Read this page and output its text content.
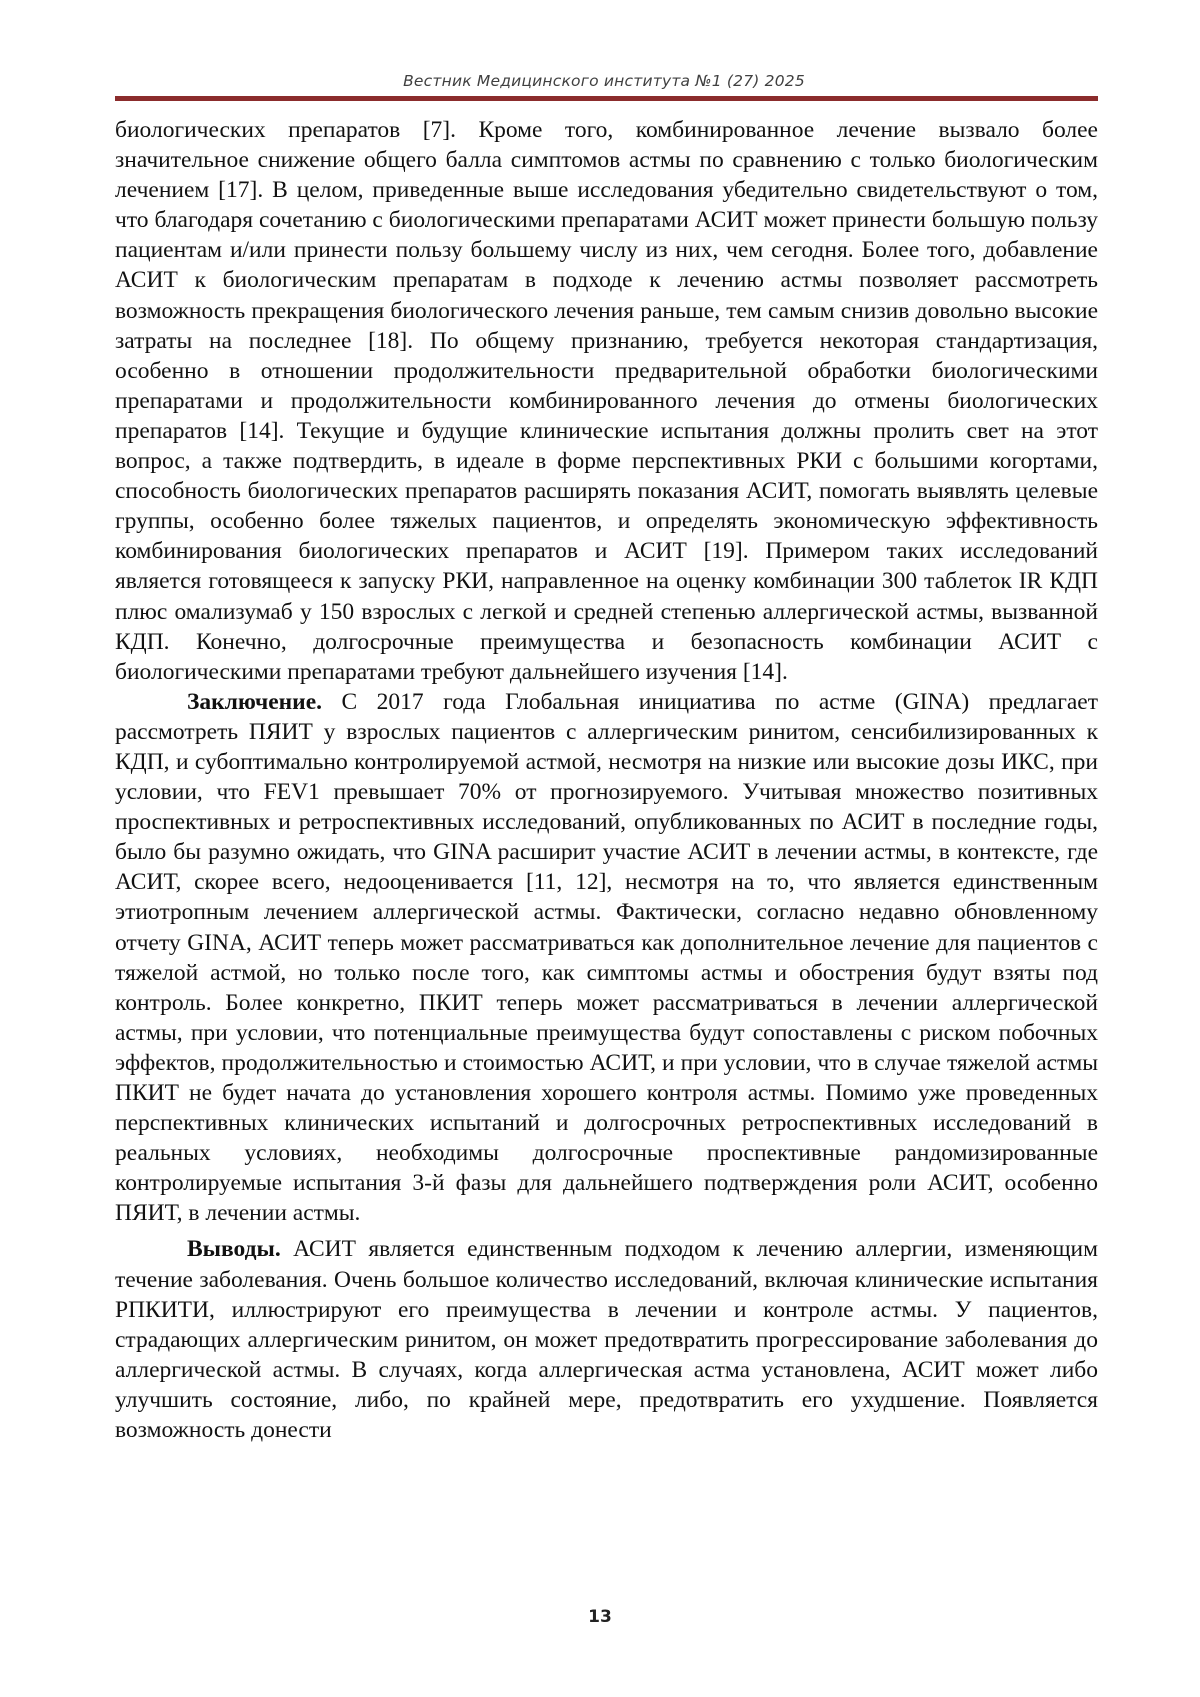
Вестник Медицинского института №1 (27) 2025

биологических препаратов [7]. Кроме того, комбинированное лечение вызвало более значительное снижение общего балла симптомов астмы по сравнению с только биологическим лечением [17]. В целом, приведенные выше исследования убедительно свидетельствуют о том, что благодаря сочетанию с биологическими препаратами АСИТ может принести большую пользу пациентам и/или принести пользу большему числу из них, чем сегодня. Более того, добавление АСИТ к биологическим препаратам в подходе к лечению астмы позволяет рассмотреть возможность прекращения биологического лечения раньше, тем самым снизив довольно высокие затраты на последнее [18]. По общему признанию, требуется некоторая стандартизация, особенно в отношении продолжительности предварительной обработки биологическими препаратами и продолжительности комбинированного лечения до отмены биологических препаратов [14]. Текущие и будущие клинические испытания должны пролить свет на этот вопрос, а также подтвердить, в идеале в форме перспективных РКИ с большими когортами, способность биологических препаратов расширять показания АСИТ, помогать выявлять целевые группы, особенно более тяжелых пациентов, и определять экономическую эффективность комбинирования биологических препаратов и АСИТ [19]. Примером таких исследований является готовящееся к запуску РКИ, направленное на оценку комбинации 300 таблеток IR КДП плюс омализумаб у 150 взрослых с легкой и средней степенью аллергической астмы, вызванной КДП. Конечно, долгосрочные преимущества и безопасность комбинации АСИТ с биологическими препаратами требуют дальнейшего изучения [14].

Заключение. С 2017 года Глобальная инициатива по астме (GINA) предлагает рассмотреть ПЯИТ у взрослых пациентов с аллергическим ринитом, сенсибилизированных к КДП, и субоптимально контролируемой астмой, несмотря на низкие или высокие дозы ИКС, при условии, что FEV1 превышает 70% от прогнозируемого. Учитывая множество позитивных проспективных и ретроспективных исследований, опубликованных по АСИТ в последние годы, было бы разумно ожидать, что GINA расширит участие АСИТ в лечении астмы, в контексте, где АСИТ, скорее всего, недооценивается [11, 12], несмотря на то, что является единственным этиотропным лечением аллергической астмы. Фактически, согласно недавно обновленному отчету GINA, АСИТ теперь может рассматриваться как дополнительное лечение для пациентов с тяжелой астмой, но только после того, как симптомы астмы и обострения будут взяты под контроль. Более конкретно, ПКИТ теперь может рассматриваться в лечении аллергической астмы, при условии, что потенциальные преимущества будут сопоставлены с риском побочных эффектов, продолжительностью и стоимостью АСИТ, и при условии, что в случае тяжелой астмы ПКИТ не будет начата до установления хорошего контроля астмы. Помимо уже проведенных перспективных клинических испытаний и долгосрочных ретроспективных исследований в реальных условиях, необходимы долгосрочные проспективные рандомизированные контролируемые испытания 3-й фазы для дальнейшего подтверждения роли АСИТ, особенно ПЯИТ, в лечении астмы.

Выводы. АСИТ является единственным подходом к лечению аллергии, изменяющим течение заболевания. Очень большое количество исследований, включая клинические испытания РПКИТИ, иллюстрируют его преимущества в лечении и контроле астмы. У пациентов, страдающих аллергическим ринитом, он может предотвратить прогрессирование заболевания до аллергической астмы. В случаях, когда аллергическая астма установлена, АСИТ может либо улучшить состояние, либо, по крайней мере, предотвратить его ухудшение. Появляется возможность донести

13
